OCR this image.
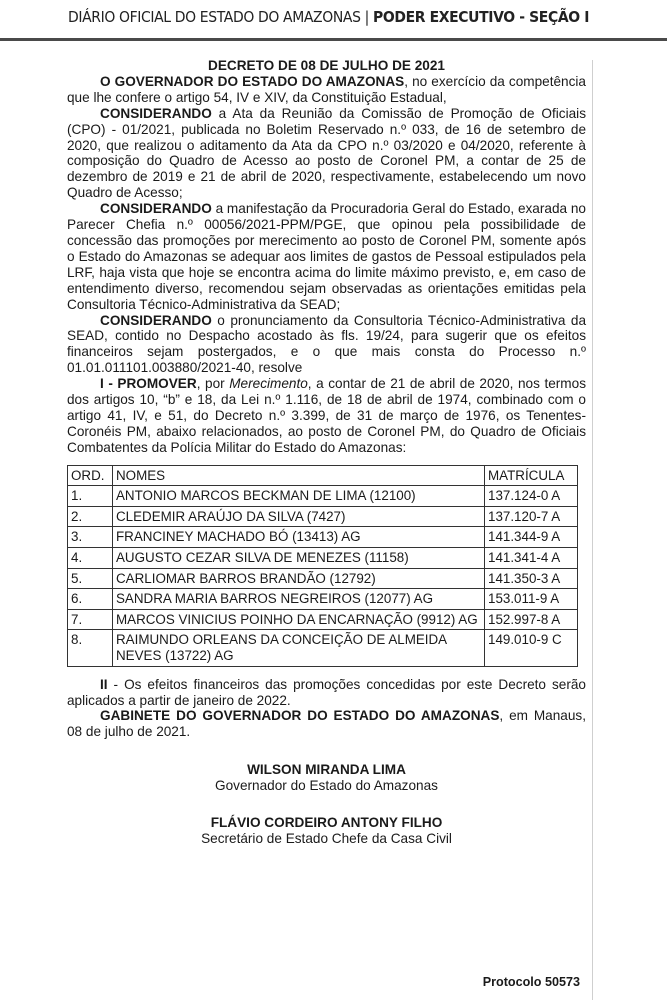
DIÁRIO OFICIAL DO ESTADO DO AMAZONAS | PODER EXECUTIVO - SEÇÃO I

DECRETO DE 08 DE JULHO DE 2021

O GOVERNADOR DO ESTADO DO AMAZONAS, no exercício da competência que lhe confere o artigo 54, IV e XIV, da Constituição Estadual,

CONSIDERANDO a Ata da Reunião da Comissão de Promoção de Oficiais (CPO) - 01/2021, publicada no Boletim Reservado n.º 033, de 16 de setembro de 2020, que realizou o aditamento da Ata da CPO n.º 03/2020 e 04/2020, referente à composição do Quadro de Acesso ao posto de Coronel PM, a contar de 25 de dezembro de 2019 e 21 de abril de 2020, respectivamente, estabelecendo um novo Quadro de Acesso;

CONSIDERANDO a manifestação da Procuradoria Geral do Estado, exarada no Parecer Chefia n.º 00056/2021-PPM/PGE, que opinou pela possibilidade de concessão das promoções por merecimento ao posto de Coronel PM, somente após o Estado do Amazonas se adequar aos limites de gastos de Pessoal estipulados pela LRF, haja vista que hoje se encontra acima do limite máximo previsto, e, em caso de entendimento diverso, recomendou sejam observadas as orientações emitidas pela Consultoria Técnico-Administrativa da SEAD;

CONSIDERANDO o pronunciamento da Consultoria Técnico-Administrativa da SEAD, contido no Despacho acostado às fls. 19/24, para sugerir que os efeitos financeiros sejam postergados, e o que mais consta do Processo n.º 01.01.011101.003880/2021-40, resolve

I - PROMOVER, por Merecimento, a contar de 21 de abril de 2020, nos termos dos artigos 10, “b” e 18, da Lei n.º 1.116, de 18 de abril de 1974, combinado com o artigo 41, IV, e 51, do Decreto n.º 3.399, de 31 de março de 1976, os Tenentes-Coronéis PM, abaixo relacionados, ao posto de Coronel PM, do Quadro de Oficiais Combatentes da Polícia Militar do Estado do Amazonas:

ORD.	NOMES	MATRÍCULA
1.	ANTONIO MARCOS BECKMAN DE LIMA (12100)	137.124-0 A
2.	CLEDEMIR ARAÚJO DA SILVA (7427)	137.120-7 A
3.	FRANCINEY MACHADO BÓ (13413) AG	141.344-9 A
4.	AUGUSTO CEZAR SILVA DE MENEZES (11158)	141.341-4 A
5.	CARLIOMAR BARROS BRANDÃO (12792)	141.350-3 A
6.	SANDRA MARIA BARROS NEGREIROS (12077) AG	153.011-9 A
7.	MARCOS VINICIUS POINHO DA ENCARNAÇÃO (9912) AG	152.997-8 A
8.	RAIMUNDO ORLEANS DA CONCEIÇÃO DE ALMEIDA NEVES (13722) AG	149.010-9 C

II - Os efeitos financeiros das promoções concedidas por este Decreto serão aplicados a partir de janeiro de 2022.

GABINETE DO GOVERNADOR DO ESTADO DO AMAZONAS, em Manaus, 08 de julho de 2021.

WILSON MIRANDA LIMA
Governador do Estado do Amazonas
FLÁVIO CORDEIRO ANTONY FILHO
Secretário de Estado Chefe da Casa Civil
Protocolo 50573
